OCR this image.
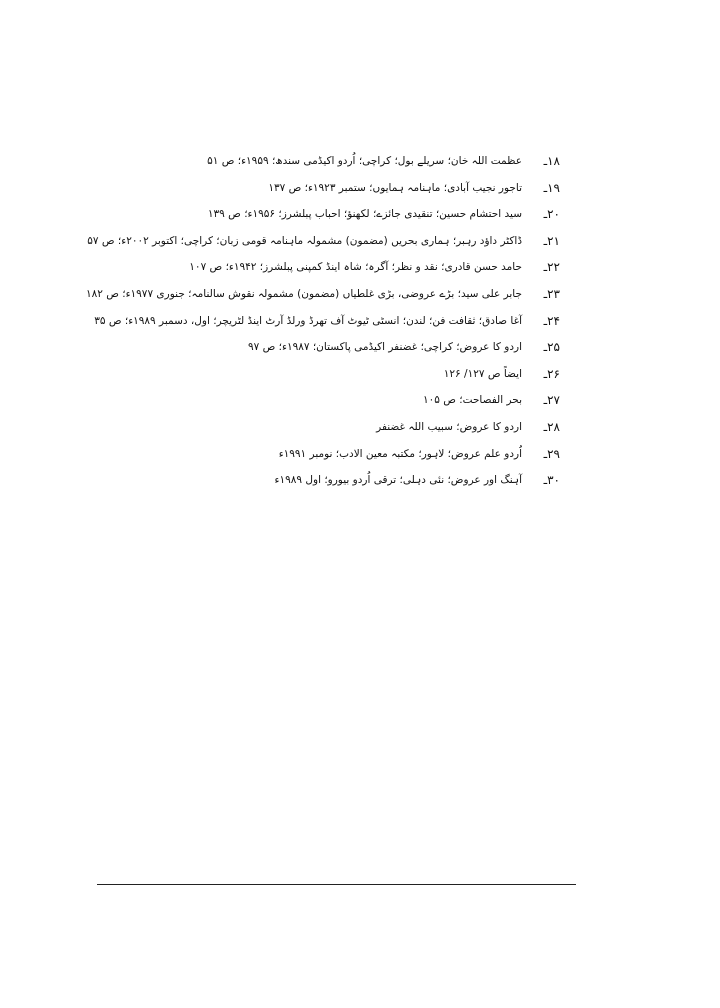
۱۸ـ
عظمت اللہ خان؛ سریلے بول؛ کراچی؛ اُردو اکیڈمی سندھ؛ ۱۹۵۹ء؛ ص ۵۱
۱۹ـ
تاجور نجیب آبادی؛ ماہنامہ ہمایوں؛ ستمبر ۱۹۲۳ء؛ ص ۱۳۷
۲۰ـ
سید احتشام حسین؛ تنقیدی جائزے؛ لکھنؤ؛ احباب پبلشرز؛ ۱۹۵۶ء؛ ص ۱۳۹
۲۱ـ
ڈاکٹر داؤد رہبر؛ ہماری بحریں (مضمون) مشمولہ ماہنامہ قومی زبان؛ کراچی؛ اکتوبر ۲۰۰۲ء؛ ص ۵۷
۲۲ـ
حامد حسن قادری؛ نقد و نظر؛ آگرہ؛ شاہ اینڈ کمپنی پبلشرز؛ ۱۹۴۲ء؛ ص ۱۰۷
۲۳ـ
جابر علی سید؛ بڑے عروضی، بڑی غلطیاں (مضمون) مشمولہ نقوش سالنامہ؛ جنوری ۱۹۷۷ء؛ ص ۱۸۲
۲۴ـ
آغا صادق؛ ثقافت فن؛ لندن؛ انسٹی ٹیوٹ آف تھرڈ ورلڈ آرٹ اینڈ لٹریچر؛ اول، دسمبر ۱۹۸۹ء؛ ص ۳۵
۲۵ـ
اردو کا عروض؛ کراچی؛ غضنفر اکیڈمی پاکستان؛ ۱۹۸۷ء؛ ص ۹۷
۲۶ـ
ایضاً ص ۱۲۷/ ۱۲۶
۲۷ـ
بحر الفصاحت؛ ص ۱۰۵
۲۸ـ
اردو کا عروض؛ سبیب اللہ غضنفر
۲۹ـ
اُردو علم عروض؛ لاہور؛ مکتبہ معین الادب؛ نومبر ۱۹۹۱ء
۳۰ـ
آہنگ اور عروض؛ نئی دہلی؛ ترقی اُردو بیورو؛ اول ۱۹۸۹ء
